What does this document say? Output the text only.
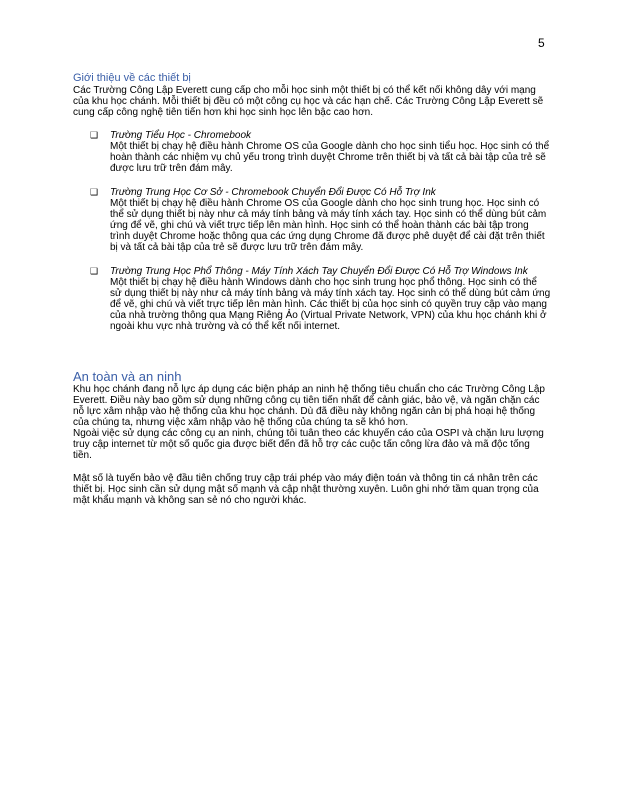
5

Giới thiệu về các thiết bị

Các Trường Công Lập Everett cung cấp cho mỗi học sinh một thiết bị có thể kết nối không dây với mạng của khu học chánh. Mỗi thiết bị đều có một công cụ học và các hạn chế. Các Trường Công Lập Everett sẽ cung cấp công nghệ tiên tiến hơn khi học sinh học lên bậc cao hơn.

❑ Trường Tiểu Học - Chromebook
Một thiết bị chạy hệ điều hành Chrome OS của Google dành cho học sinh tiểu học. Học sinh có thể hoàn thành các nhiệm vụ chủ yếu trong trình duyệt Chrome trên thiết bị và tất cả bài tập của trẻ sẽ được lưu trữ trên đám mây.
❑ Trường Trung Học Cơ Sở - Chromebook Chuyển Đổi Được Có Hỗ Trợ Ink
Một thiết bị chạy hệ điều hành Chrome OS của Google dành cho học sinh trung học. Học sinh có thể sử dụng thiết bị này như cả máy tính bảng và máy tính xách tay. Học sinh có thể dùng bút cảm ứng để vẽ, ghi chú và viết trực tiếp lên màn hình. Học sinh có thể hoàn thành các bài tập trong trình duyệt Chrome hoặc thông qua các ứng dụng Chrome đã được phê duyệt để cài đặt trên thiết bị và tất cả bài tập của trẻ sẽ được lưu trữ trên đám mây.
❑ Trường Trung Học Phổ Thông - Máy Tính Xách Tay Chuyển Đổi Được Có Hỗ Trợ Windows Ink
Một thiết bị chạy hệ điều hành Windows dành cho học sinh trung học phổ thông. Học sinh có thể sử dụng thiết bị này như cả máy tính bảng và máy tính xách tay. Học sinh có thể dùng bút cảm ứng để vẽ, ghi chú và viết trực tiếp lên màn hình. Các thiết bị của học sinh có quyền truy cập vào mạng của nhà trường thông qua Mạng Riêng Ảo (Virtual Private Network, VPN) của khu học chánh khi ở ngoài khu vực nhà trường và có thể kết nối internet.

An toàn và an ninh

Khu học chánh đang nỗ lực áp dụng các biện pháp an ninh hệ thống tiêu chuẩn cho các Trường Công Lập Everett. Điều này bao gồm sử dụng những công cụ tiên tiến nhất để cảnh giác, bảo vệ, và ngăn chặn các nỗ lực xâm nhập vào hệ thống của khu học chánh. Dù đã điều này không ngăn cản bị phá hoại hệ thống của chúng ta, nhưng việc xâm nhập vào hệ thống của chúng ta sẽ khó hơn.

Ngoài việc sử dụng các công cụ an ninh, chúng tôi tuân theo các khuyến cáo của OSPI và chặn lưu lượng truy cập internet từ một số quốc gia được biết đến đã hỗ trợ các cuộc tấn công lừa đảo và mã độc tống tiền.

Mật số là tuyến bảo vệ đầu tiên chống truy cập trái phép vào máy điện toán và thông tin cá nhân trên các thiết bị. Học sinh cần sử dụng mật số mạnh và cập nhật thường xuyên. Luôn ghi nhớ tầm quan trọng của mật khẩu mạnh và không san sẻ nó cho người khác.
